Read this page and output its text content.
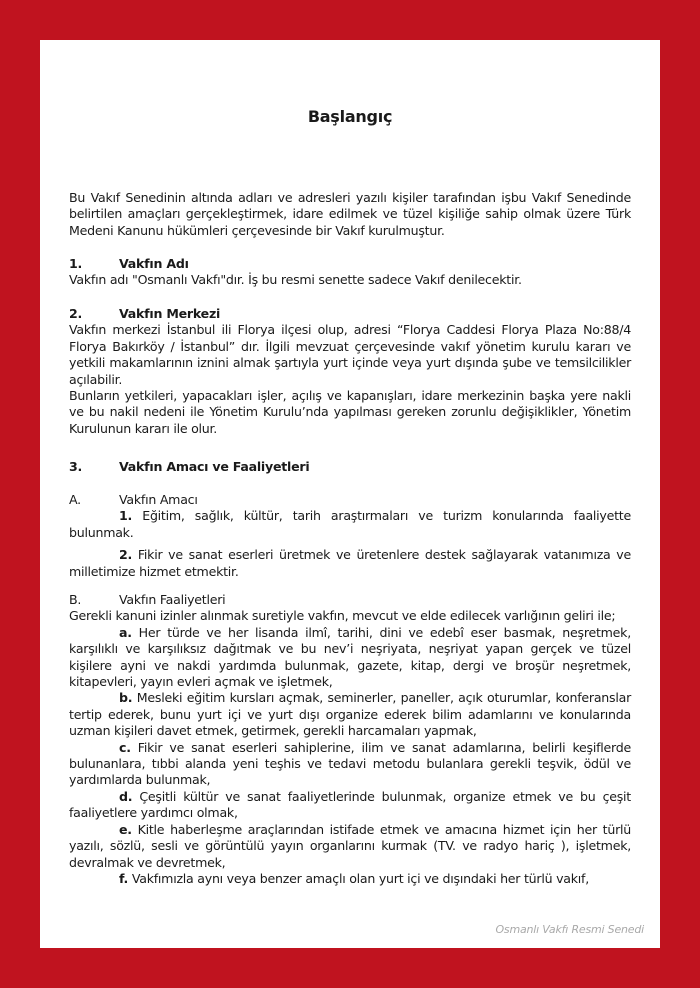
Başlangıç

Bu Vakıf Senedinin altında adları ve adresleri yazılı kişiler tarafından işbu Vakıf Senedinde belirtilen amaçları gerçekleştirmek, idare edilmek ve tüzel kişiliğe sahip olmak üzere Türk Medeni Kanunu hükümleri çerçevesinde bir Vakıf kurulmuştur.

1.	Vakfın Adı

Vakfın adı "Osmanlı Vakfı"dır. İş bu resmi senette sadece Vakıf denilecektir.

2.	Vakfın Merkezi

Vakfın merkezi İstanbul ili Florya ilçesi olup, adresi “Florya Caddesi Florya Plaza No:88/4 Florya Bakırköy / İstanbul” dır. İlgili mevzuat çerçevesinde vakıf yönetim kurulu kararı ve yetkili makamlarının iznini almak şartıyla yurt içinde veya yurt dışında şube ve temsilcilikler açılabilir.

Bunların yetkileri, yapacakları işler, açılış ve kapanışları, idare merkezinin başka yere nakli ve bu nakil nedeni ile Yönetim Kurulu’nda yapılması gereken zorunlu değişiklikler, Yönetim Kurulunun kararı ile olur.

3.	Vakfın Amacı ve Faaliyetleri

A.	Vakfın Amacı

1. Eğitim, sağlık, kültür, tarih araştırmaları ve turizm konularında faaliyette bulunmak.

2. Fikir ve sanat eserleri üretmek ve üretenlere destek sağlayarak vatanımıza ve milletimize hizmet etmektir.

B.	Vakfın Faaliyetleri

Gerekli kanuni izinler alınmak suretiyle vakfın, mevcut ve elde edilecek varlığının geliri ile;

a. Her türde ve her lisanda ilmî, tarihi, dini ve edebî eser basmak, neşretmek, karşılıklı ve karşılıksız dağıtmak ve bu nev’i neşriyata, neşriyat yapan gerçek ve tüzel kişilere ayni ve nakdi yardımda bulunmak, gazete, kitap, dergi ve broşür neşretmek, kitapevleri, yayın evleri açmak ve işletmek,

b. Mesleki eğitim kursları açmak, seminerler, paneller, açık oturumlar, konferanslar tertip ederek, bunu yurt içi ve yurt dışı organize ederek bilim adamlarını ve konularında uzman kişileri davet etmek, getirmek, gerekli harcamaları yapmak,

c. Fikir ve sanat eserleri sahiplerine, ilim ve sanat adamlarına, belirli keşiflerde bulunanlara, tıbbi alanda yeni teşhis ve tedavi metodu bulanlara gerekli teşvik, ödül ve yardımlarda bulunmak,

d. Çeşitli kültür ve sanat faaliyetlerinde bulunmak, organize etmek ve bu çeşit faaliyetlere yardımcı olmak,

e. Kitle haberleşme araçlarından istifade etmek ve amacına hizmet için her türlü yazılı, sözlü, sesli ve görüntülü yayın organlarını kurmak (TV. ve radyo hariç ), işletmek, devralmak ve devretmek,

f. Vakfımızla aynı veya benzer amaçlı olan yurt içi ve dışındaki her türlü vakıf,

Osmanlı Vakfı Resmi Senedi
